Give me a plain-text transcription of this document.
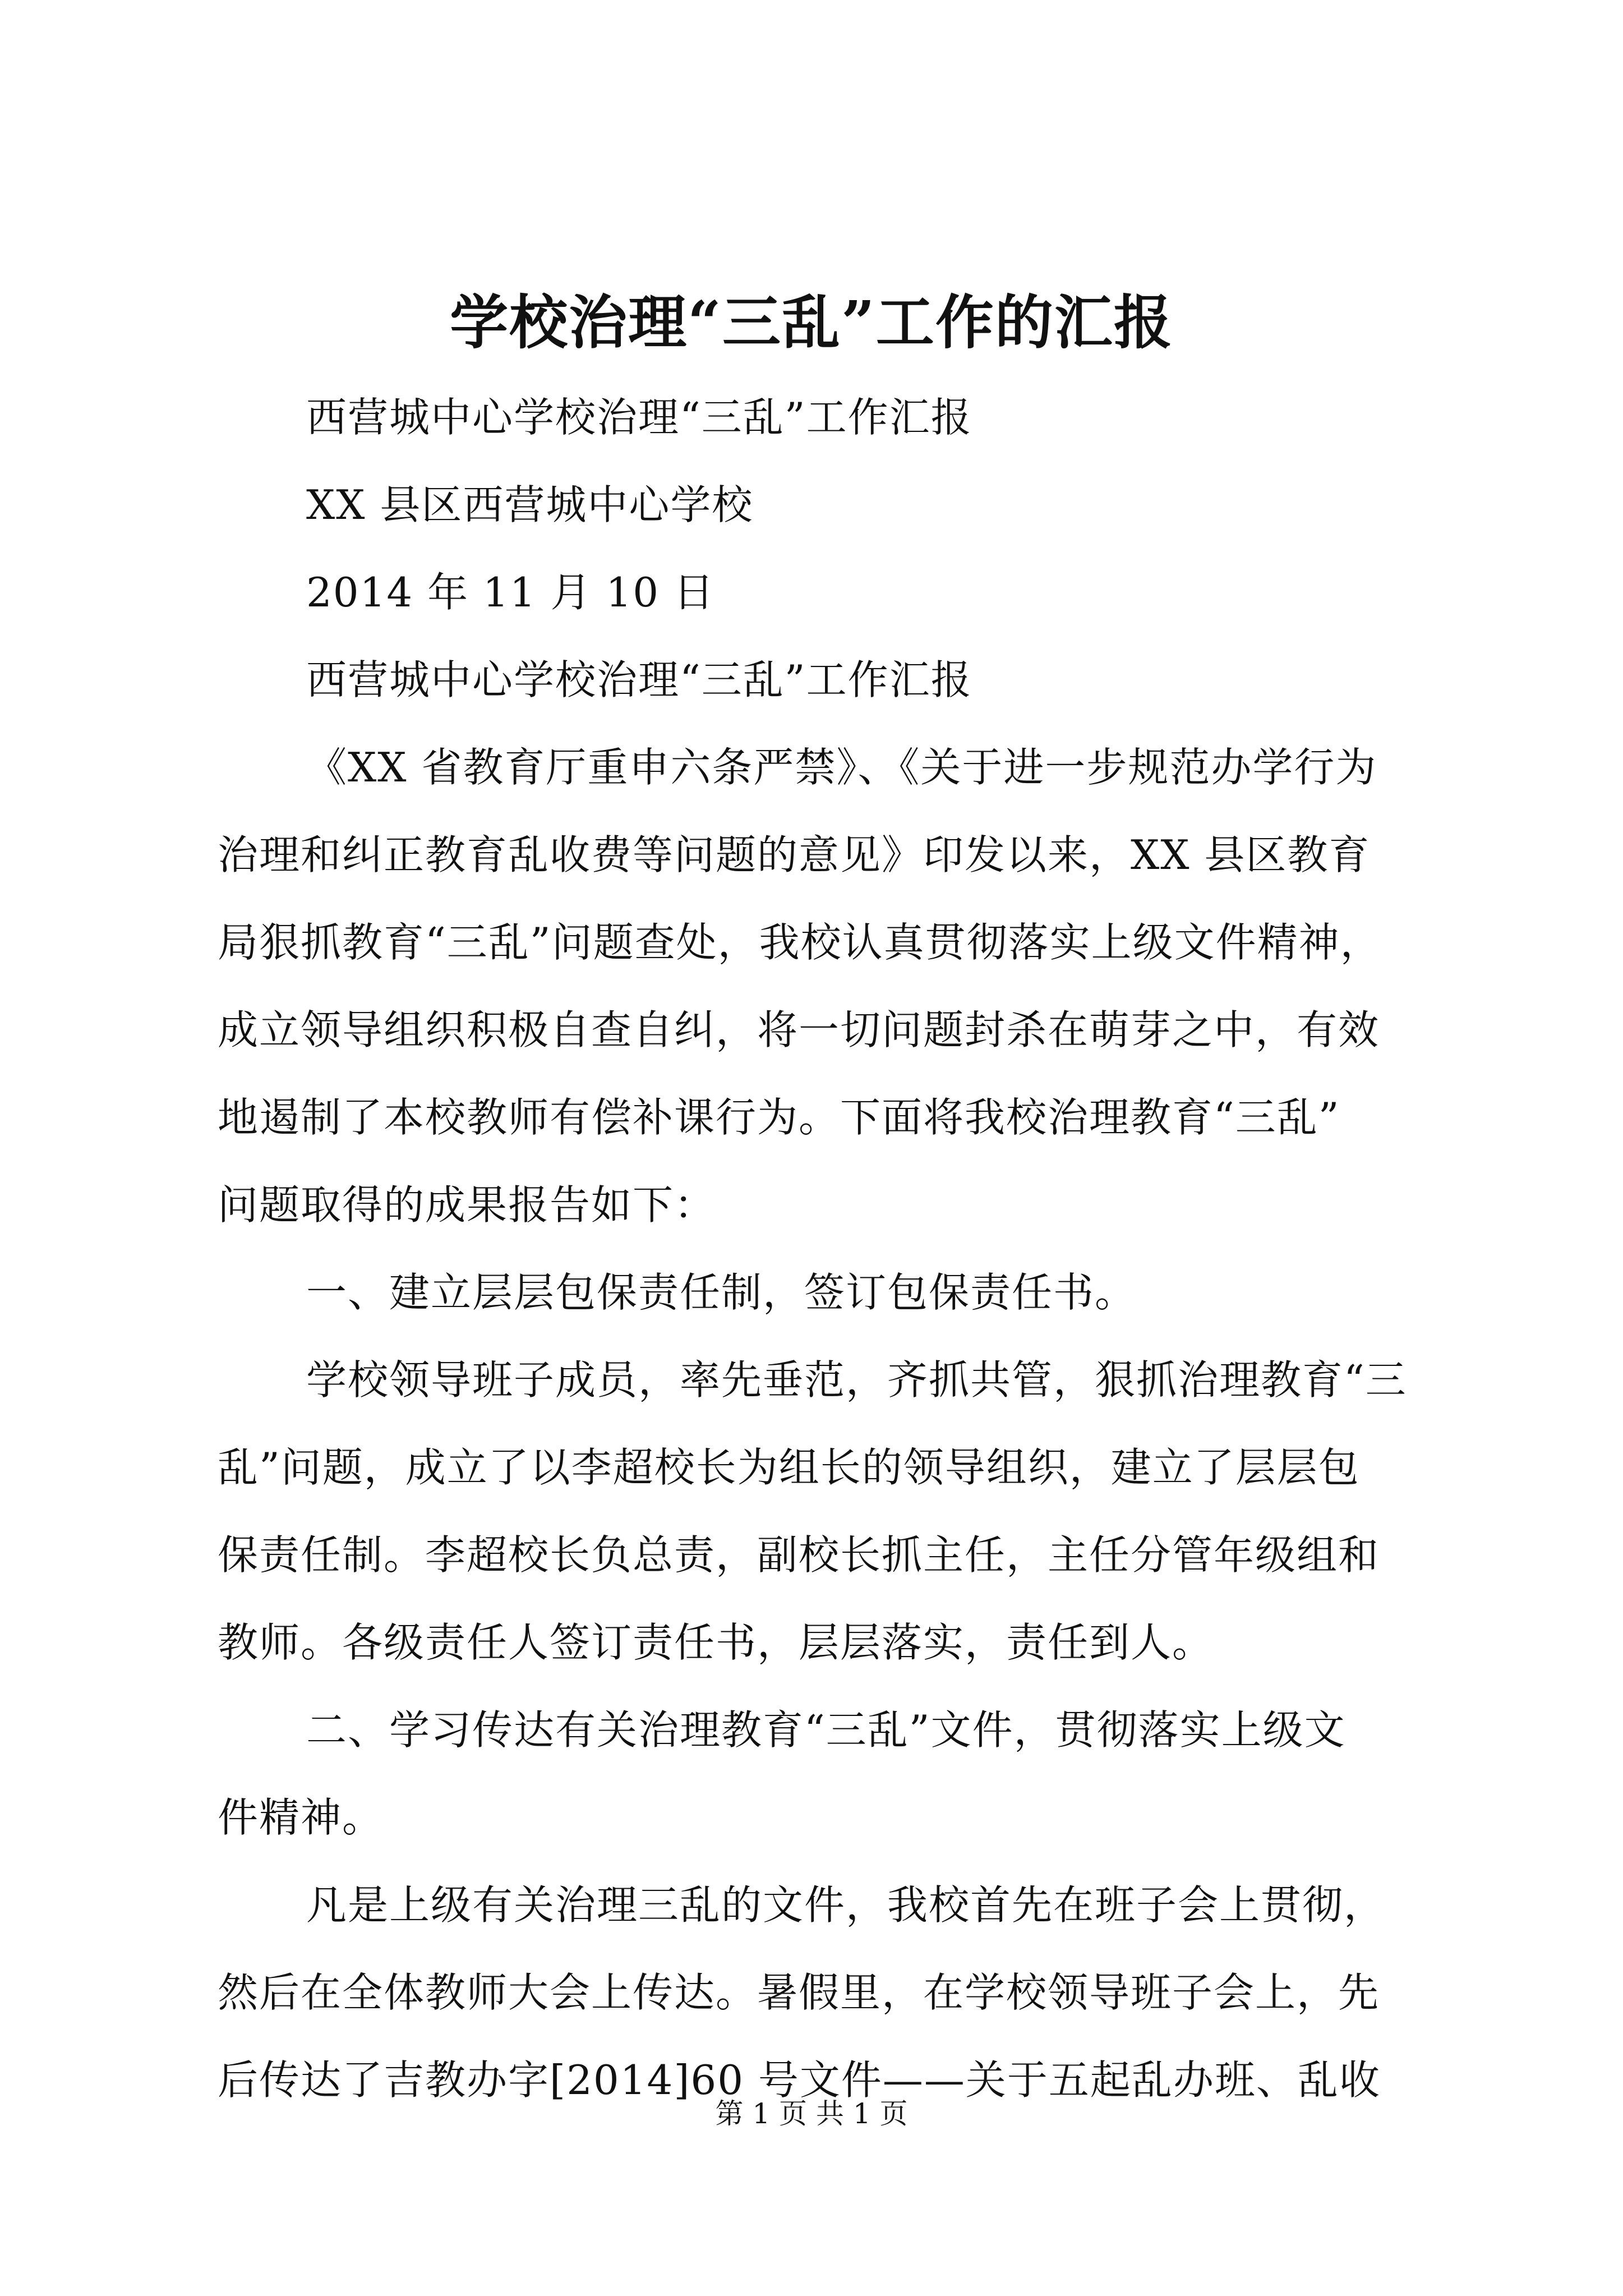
学校治理“三乱”工作的汇报
西营城中心学校治理“三乱”工作汇报
XX 县区西营城中心学校
2014 年 11 月 10 日
西营城中心学校治理“三乱”工作汇报
《XX 省教育厅重申六条严禁》、《关于进一步规范办学行为
治理和纠正教育乱收费等问题的意见》印发以来，XX 县区教育
局狠抓教育“三乱”问题查处，我校认真贯彻落实上级文件精神，
成立领导组织积极自查自纠，将一切问题封杀在萌芽之中，有效
地遏制了本校教师有偿补课行为。下面将我校治理教育“三乱”
问题取得的成果报告如下：
一、建立层层包保责任制，签订包保责任书。
学校领导班子成员，率先垂范，齐抓共管，狠抓治理教育“三
乱”问题，成立了以李超校长为组长的领导组织，建立了层层包
保责任制。李超校长负总责，副校长抓主任，主任分管年级组和
教师。各级责任人签订责任书，层层落实，责任到人。
二、学习传达有关治理教育“三乱”文件，贯彻落实上级文
件精神。
凡是上级有关治理三乱的文件，我校首先在班子会上贯彻，
然后在全体教师大会上传达。暑假里，在学校领导班子会上，先
后传达了吉教办字[2014]60 号文件——关于五起乱办班、乱收
第 1 页 共 1 页
